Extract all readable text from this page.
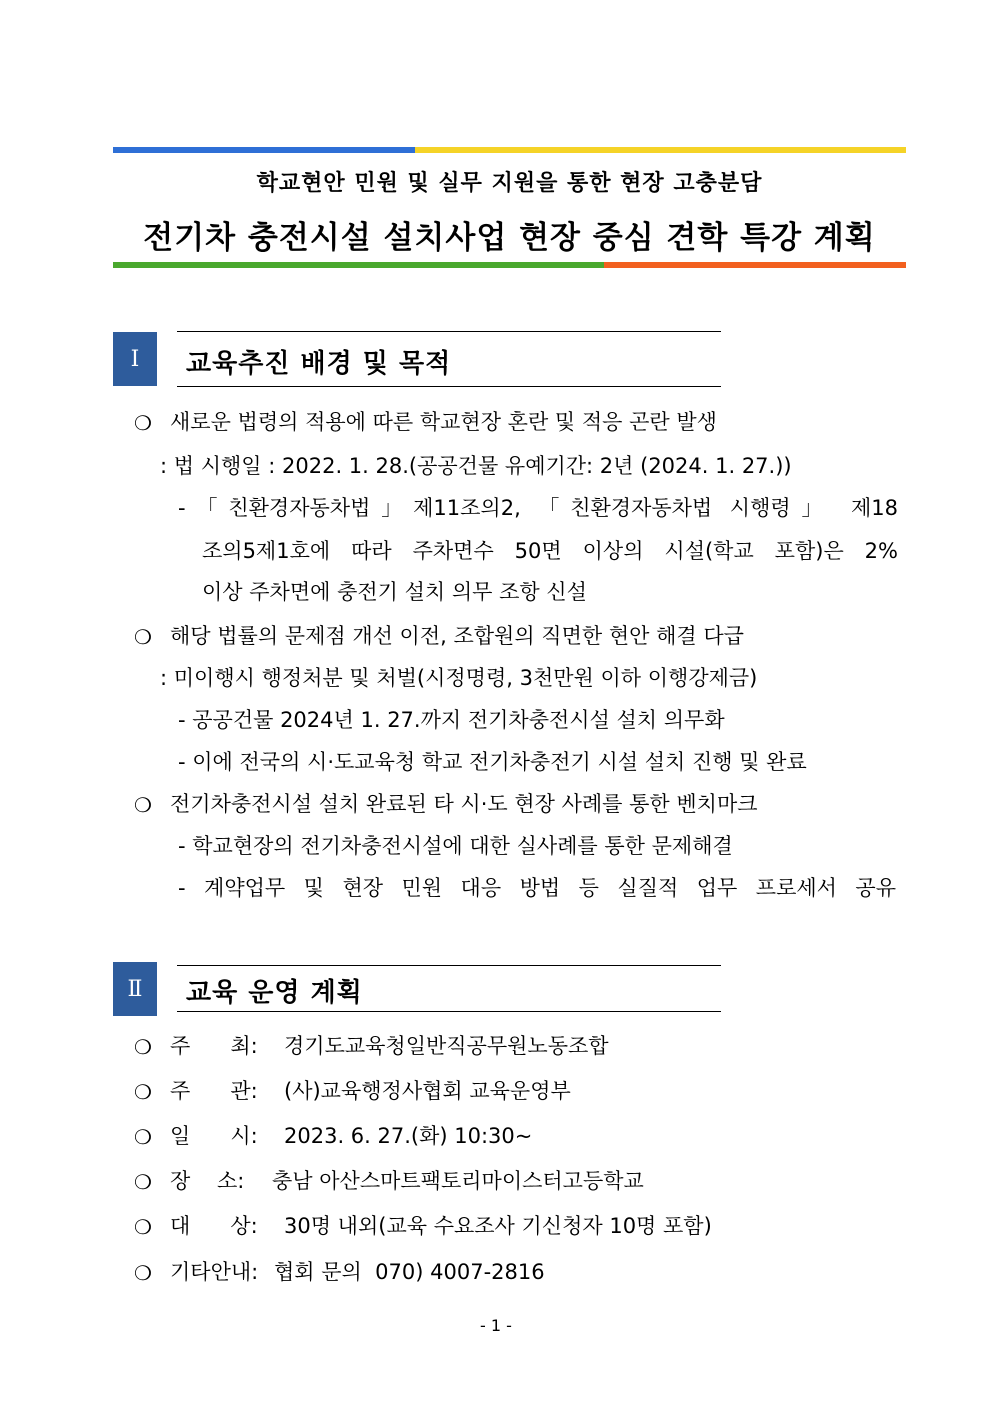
학교현안 민원 및 실무 지원을 통한 현장 고충분담
전기차 충전시설 설치사업 현장 중심 견학 특강 계획
Ⅰ	교육추진 배경 및 목적
❍ 새로운 법령의 적용에 따른 학교현장 혼란 및 적응 곤란 발생
: 법 시행일 : 2022. 1. 28.(공공건물 유예기간: 2년 (2024. 1. 27.))
-「친환경자동차법」제11조의2, 「친환경자동차법 시행령」 제18
조의5제1호에 따라 주차면수 50면 이상의 시설(학교 포함)은 2%
이상 주차면에 충전기 설치 의무 조항 신설
❍ 해당 법률의 문제점 개선 이전, 조합원의 직면한 현안 해결 다급
: 미이행시 행정처분 및 처벌(시정명령, 3천만원 이하 이행강제금)
- 공공건물 2024년 1. 27.까지 전기차충전시설 설치 의무화
- 이에 전국의 시·도교육청 학교 전기차충전기 시설 설치 진행 및 완료
❍ 전기차충전시설 설치 완료된 타 시·도 현장 사례를 통한 벤치마크
- 학교현장의 전기차충전시설에 대한 실사례를 통한 문제해결
- 계약업무 및 현장 민원 대응 방법 등 실질적 업무 프로세서 공유
Ⅱ	교육 운영 계획
❍ 주      최: 경기도교육청일반직공무원노동조합
❍ 주      관: (사)교육행정사협회 교육운영부
❍ 일      시: 2023. 6. 27.(화) 10:30~
❍ 장    소: 충남 아산스마트팩토리마이스터고등학교
❍ 대      상: 30명 내외(교육 수요조사 기신청자 10명 포함)
❍ 기타안내: 협회 문의  070) 4007-2816
- 1 -
